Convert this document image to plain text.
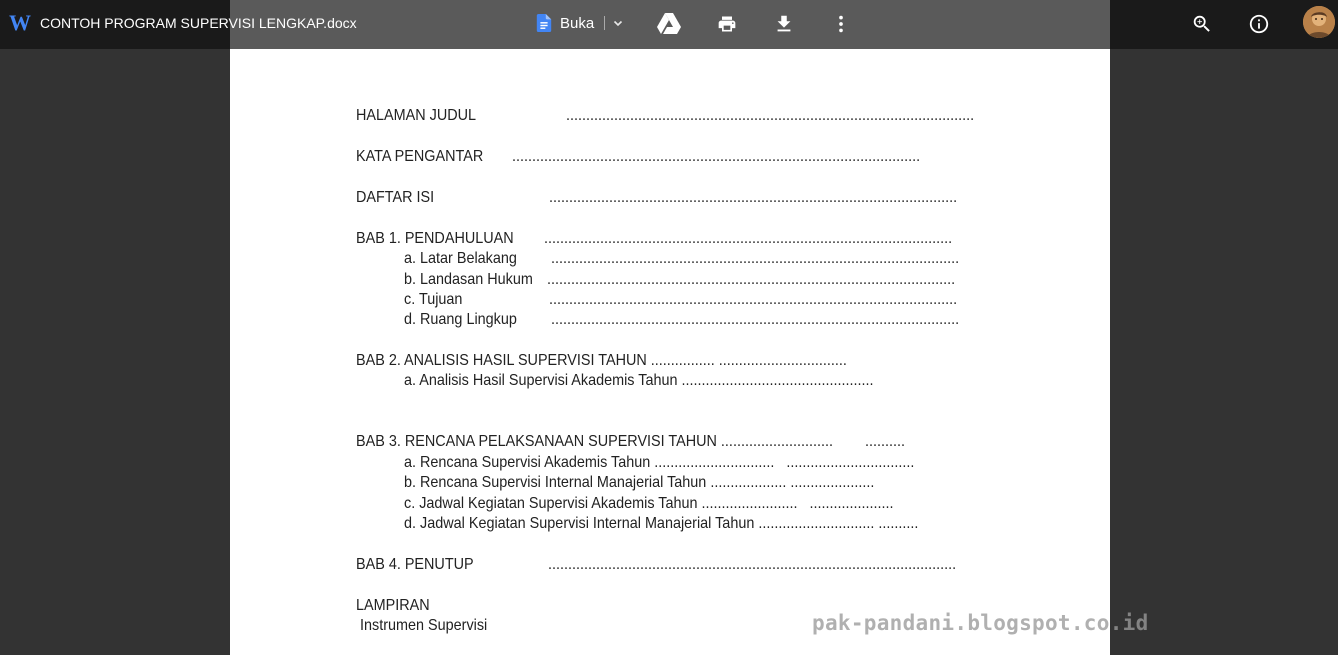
HALAMAN JUDUL	......................................................................................................
KATA PENGANTAR ......................................................................................................
DAFTAR ISI	......................................................................................................
BAB 1. PENDAHULUAN ......................................................................................................
a. Latar Belakang ......................................................................................................
b. Landasan Hukum ......................................................................................................
c. Tujuan	......................................................................................................
d. Ruang Lingkup ......................................................................................................
BAB 2. ANALISIS HASIL SUPERVISI TAHUN ................ ................................
a. Analisis Hasil Supervisi Akademis Tahun ................................................
BAB 3. RENCANA PELAKSANAAN SUPERVISI TAHUN ............................        ..........
a. Rencana Supervisi Akademis Tahun ..............................   ................................
b. Rencana Supervisi Internal Manajerial Tahun ................... .....................
c. Jadwal Kegiatan Supervisi Akademis Tahun ........................   .....................
d. Jadwal Kegiatan Supervisi Internal Manajerial Tahun ............................. ..........
BAB 4. PENUTUP	......................................................................................................
LAMPIRAN
Instrumen Supervisi
W CONTOH PROGRAM SUPERVISI LENGKAP.docx	Buka
pak-pandani.blogspot.co.id
